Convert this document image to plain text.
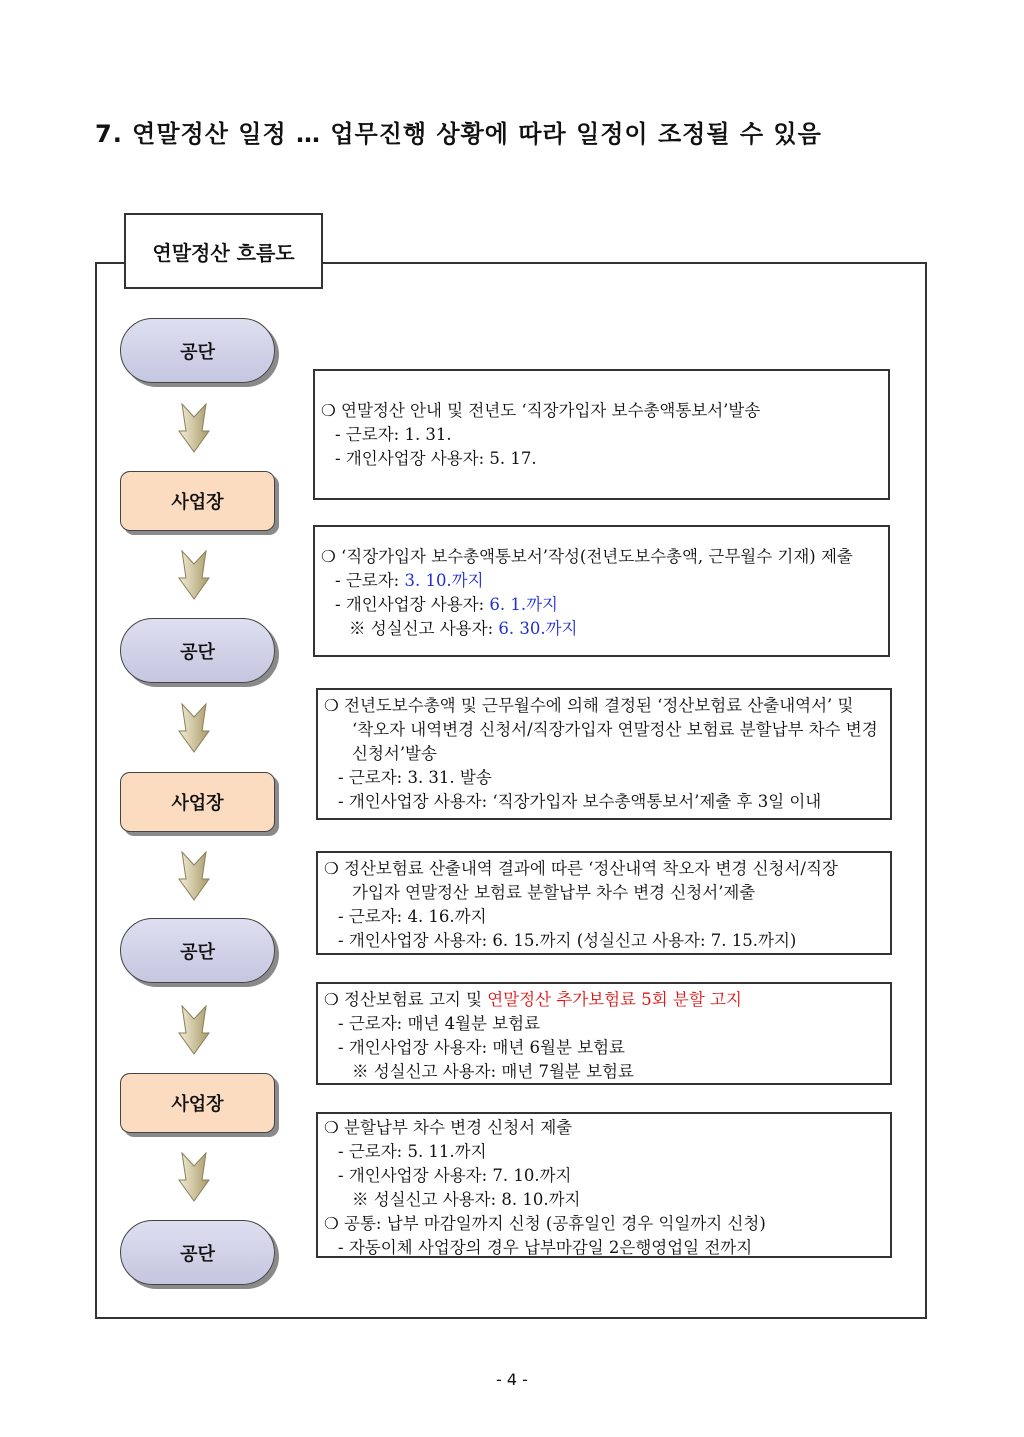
7. 연말정산 일정 … 업무진행 상황에 따라 일정이 조정될 수 있음
연말정산 흐름도
공단
사업장
공단
사업장
공단
사업장
공단
❍ 연말정산 안내 및 전년도 ‘직장가입자 보수총액통보서’발송
- 근로자: 1. 31.
- 개인사업장 사용자: 5. 17.
❍ ‘직장가입자 보수총액통보서’작성(전년도보수총액, 근무월수 기재) 제출
- 근로자: 3. 10.까지
- 개인사업장 사용자: 6. 1.까지
※ 성실신고 사용자: 6. 30.까지
❍ 전년도보수총액 및 근무월수에 의해 결정된 ‘정산보험료 산출내역서’ 및
‘착오자 내역변경 신청서/직장가입자 연말정산 보험료 분할납부 차수 변경
신청서’발송
- 근로자: 3. 31. 발송
- 개인사업장 사용자: ‘직장가입자 보수총액통보서’제출 후 3일 이내
❍ 정산보험료 산출내역 결과에 따른 ‘정산내역 착오자 변경 신청서/직장
가입자 연말정산 보험료 분할납부 차수 변경 신청서’제출
- 근로자: 4. 16.까지
- 개인사업장 사용자: 6. 15.까지 (성실신고 사용자: 7. 15.까지)
❍ 정산보험료 고지 및 연말정산 추가보험료 5회 분할 고지
- 근로자: 매년 4월분 보험료
- 개인사업장 사용자: 매년 6월분 보험료
※ 성실신고 사용자: 매년 7월분 보험료
❍ 분할납부 차수 변경 신청서 제출
- 근로자: 5. 11.까지
- 개인사업장 사용자: 7. 10.까지
※ 성실신고 사용자: 8. 10.까지
❍ 공통: 납부 마감일까지 신청 (공휴일인 경우 익일까지 신청)
- 자동이체 사업장의 경우 납부마감일 2은행영업일 전까지
- 4 -
